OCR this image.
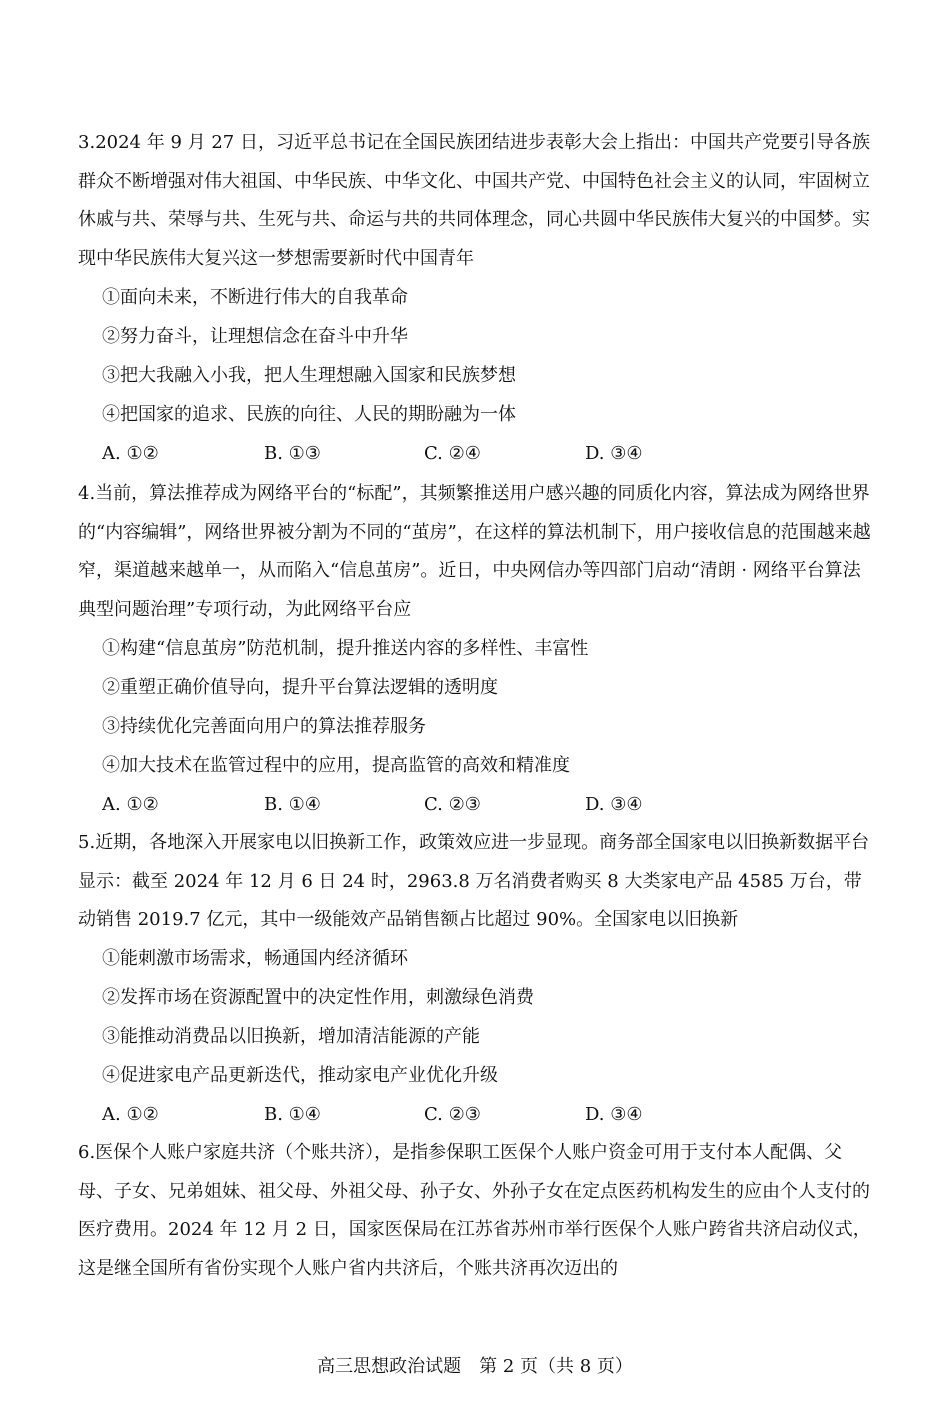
3.2024 年 9 月 27 日，习近平总书记在全国民族团结进步表彰大会上指出：中国共产党要引导各族群众不断增强对伟大祖国、中华民族、中华文化、中国共产党、中国特色社会主义的认同，牢固树立休戚与共、荣辱与共、生死与共、命运与共的共同体理念，同心共圆中华民族伟大复兴的中国梦。实现中华民族伟大复兴这一梦想需要新时代中国青年

①面向未来，不断进行伟大的自我革命
②努力奋斗，让理想信念在奋斗中升华
③把大我融入小我，把人生理想融入国家和民族梦想
④把国家的追求、民族的向往、人民的期盼融为一体
A. ①②	B. ①③	C. ②④	D. ③④

4.当前，算法推荐成为网络平台的“标配”，其频繁推送用户感兴趣的同质化内容，算法成为网络世界的“内容编辑”，网络世界被分割为不同的“茧房”，在这样的算法机制下，用户接收信息的范围越来越窄，渠道越来越单一，从而陷入“信息茧房”。近日，中央网信办等四部门启动“清朗 · 网络平台算法典型问题治理”专项行动，为此网络平台应

①构建“信息茧房”防范机制，提升推送内容的多样性、丰富性
②重塑正确价值导向，提升平台算法逻辑的透明度
③持续优化完善面向用户的算法推荐服务
④加大技术在监管过程中的应用，提高监管的高效和精准度
A. ①②	B. ①④	C. ②③	D. ③④

5.近期，各地深入开展家电以旧换新工作，政策效应进一步显现。商务部全国家电以旧换新数据平台显示：截至 2024 年 12 月 6 日 24 时，2963.8 万名消费者购买 8 大类家电产品 4585 万台，带动销售 2019.7 亿元，其中一级能效产品销售额占比超过 90%。全国家电以旧换新

①能刺激市场需求，畅通国内经济循环
②发挥市场在资源配置中的决定性作用，刺激绿色消费
③能推动消费品以旧换新，增加清洁能源的产能
④促进家电产品更新迭代，推动家电产业优化升级
A. ①②	B. ①④	C. ②③	D. ③④

6.医保个人账户家庭共济（个账共济），是指参保职工医保个人账户资金可用于支付本人配偶、父母、子女、兄弟姐妹、祖父母、外祖父母、孙子女、外孙子女在定点医药机构发生的应由个人支付的医疗费用。2024 年 12 月 2 日，国家医保局在江苏省苏州市举行医保个人账户跨省共济启动仪式，这是继全国所有省份实现个人账户省内共济后，个账共济再次迈出的

高三思想政治试题　第 2 页（共 8 页）
